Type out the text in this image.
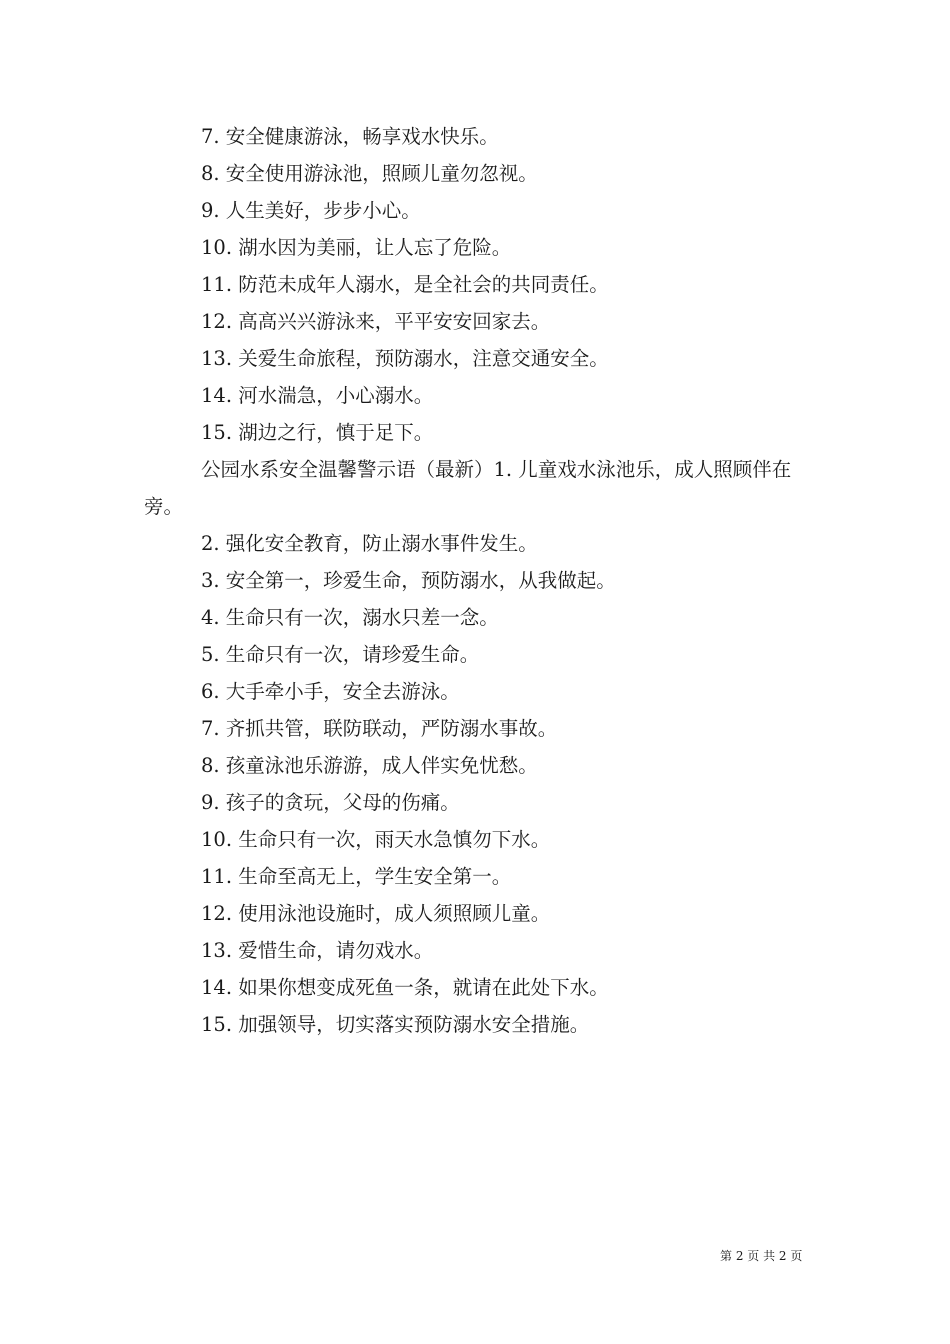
7. 安全健康游泳，畅享戏水快乐。
8. 安全使用游泳池，照顾儿童勿忽视。
9. 人生美好，步步小心。
10. 湖水因为美丽，让人忘了危险。
11. 防范未成年人溺水，是全社会的共同责任。
12. 高高兴兴游泳来，平平安安回家去。
13. 关爱生命旅程，预防溺水，注意交通安全。
14. 河水湍急，小心溺水。
15. 湖边之行，慎于足下。

公园水系安全温馨警示语（最新）1. 儿童戏水泳池乐，成人照顾伴在旁。

2. 强化安全教育，防止溺水事件发生。
3. 安全第一，珍爱生命，预防溺水，从我做起。
4. 生命只有一次，溺水只差一念。
5. 生命只有一次，请珍爱生命。
6. 大手牵小手，安全去游泳。
7. 齐抓共管，联防联动，严防溺水事故。
8. 孩童泳池乐游游，成人伴实免忧愁。
9. 孩子的贪玩，父母的伤痛。
10. 生命只有一次，雨天水急慎勿下水。
11. 生命至高无上，学生安全第一。
12. 使用泳池设施时，成人须照顾儿童。
13. 爱惜生命，请勿戏水。
14. 如果你想变成死鱼一条，就请在此处下水。
15. 加强领导，切实落实预防溺水安全措施。
第 2 页 共 2 页
